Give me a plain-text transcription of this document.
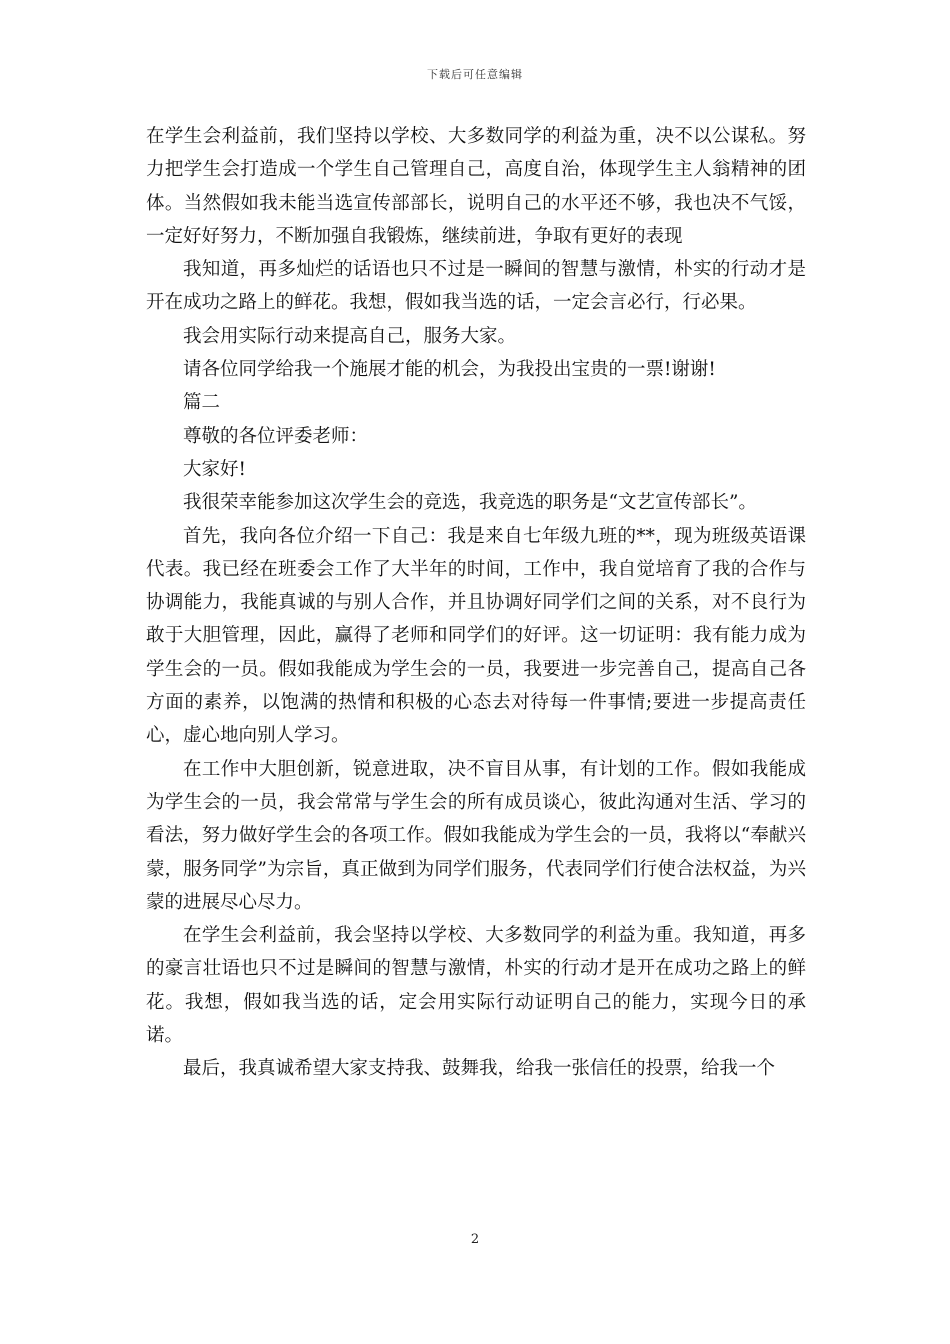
下载后可任意编辑

在学生会利益前，我们坚持以学校、大多数同学的利益为重，决不以公谋私。努力把学生会打造成一个学生自己管理自己，高度自治，体现学生主人翁精神的团体。当然假如我未能当选宣传部部长，说明自己的水平还不够，我也决不气馁，一定好好努力，不断加强自我锻炼，继续前进，争取有更好的表现

我知道，再多灿烂的话语也只不过是一瞬间的智慧与激情，朴实的行动才是开在成功之路上的鲜花。我想，假如我当选的话，一定会言必行，行必果。

我会用实际行动来提高自己，服务大家。

请各位同学给我一个施展才能的机会，为我投出宝贵的一票!谢谢!

篇二

尊敬的各位评委老师：

大家好!

我很荣幸能参加这次学生会的竞选，我竞选的职务是“文艺宣传部长”。

首先，我向各位介绍一下自己：我是来自七年级九班的**，现为班级英语课代表。我已经在班委会工作了大半年的时间，工作中，我自觉培育了我的合作与协调能力，我能真诚的与别人合作，并且协调好同学们之间的关系，对不良行为敢于大胆管理，因此，赢得了老师和同学们的好评。这一切证明：我有能力成为学生会的一员。假如我能成为学生会的一员，我要进一步完善自己，提高自己各方面的素养，以饱满的热情和积极的心态去对待每一件事情;要进一步提高责任心，虚心地向别人学习。

在工作中大胆创新，锐意进取，决不盲目从事，有计划的工作。假如我能成为学生会的一员，我会常常与学生会的所有成员谈心，彼此沟通对生活、学习的看法，努力做好学生会的各项工作。假如我能成为学生会的一员，我将以“奉献兴蒙，服务同学”为宗旨，真正做到为同学们服务，代表同学们行使合法权益，为兴蒙的进展尽心尽力。

在学生会利益前，我会坚持以学校、大多数同学的利益为重。我知道，再多的豪言壮语也只不过是瞬间的智慧与激情，朴实的行动才是开在成功之路上的鲜花。我想，假如我当选的话，定会用实际行动证明自己的能力，实现今日的承诺。

最后，我真诚希望大家支持我、鼓舞我，给我一张信任的投票，给我一个

2
